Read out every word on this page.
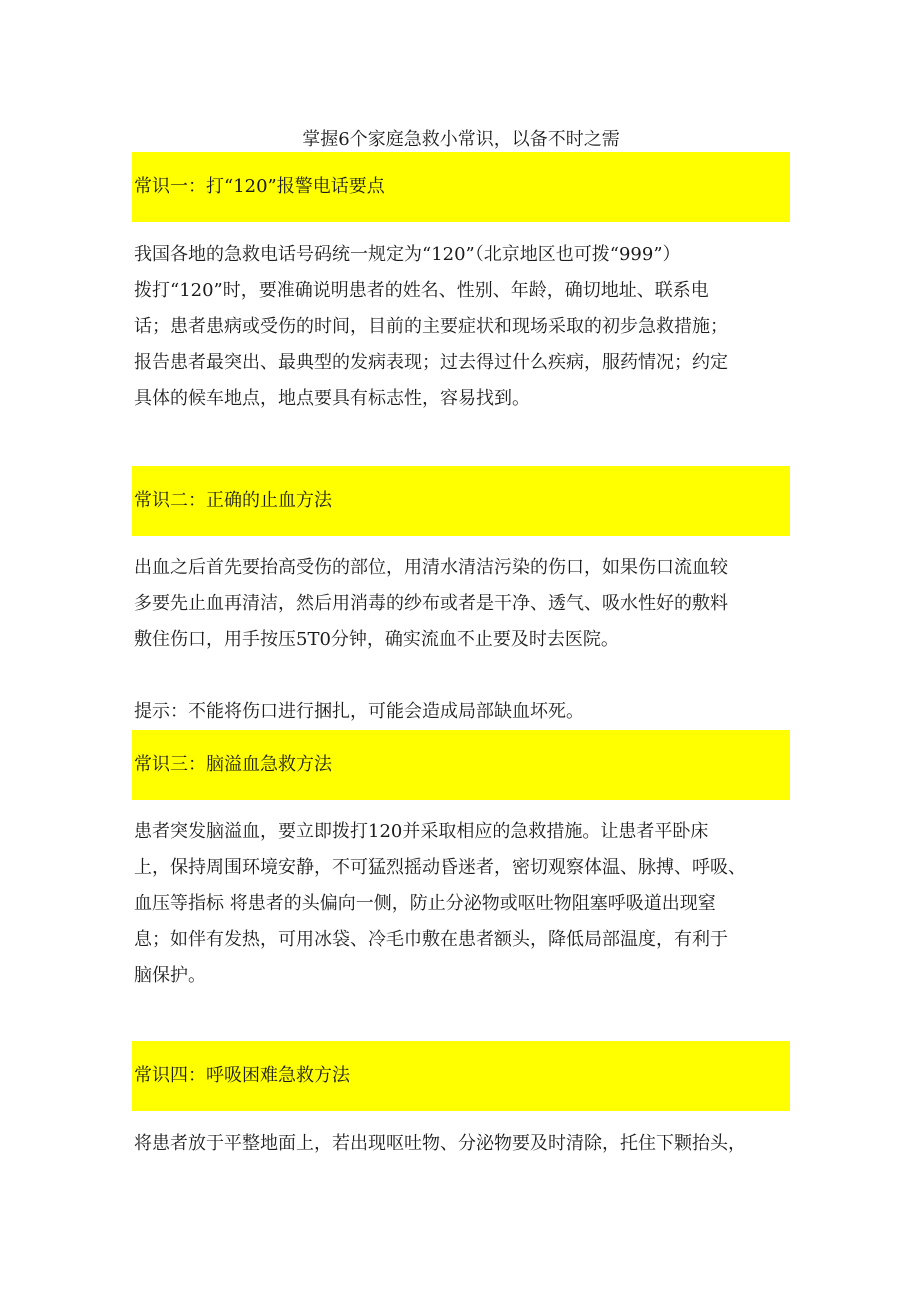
掌握6个家庭急救小常识，以备不时之需
常识一：打“120”报警电话要点
我国各地的急救电话号码统一规定为“120”（北京地区也可拨“999”）
拨打“120”时，要准确说明患者的姓名、性别、年龄，确切地址、联系电
话；患者患病或受伤的时间，目前的主要症状和现场采取的初步急救措施；
报告患者最突出、最典型的发病表现；过去得过什么疾病，服药情况；约定
具体的候车地点，地点要具有标志性，容易找到。
常识二：正确的止血方法
出血之后首先要抬高受伤的部位，用清水清洁污染的伤口，如果伤口流血较
多要先止血再清洁，然后用消毒的纱布或者是干净、透气、吸水性好的敷料
敷住伤口，用手按压5T0分钟，确实流血不止要及时去医院。
提示：不能将伤口进行捆扎，可能会造成局部缺血坏死。
常识三：脑溢血急救方法
患者突发脑溢血，要立即拨打120并采取相应的急救措施。让患者平卧床
上，保持周围环境安静，不可猛烈摇动昏迷者，密切观察体温、脉搏、呼吸、
血压等指标 将患者的头偏向一侧，防止分泌物或呕吐物阻塞呼吸道出现窒
息；如伴有发热，可用冰袋、冷毛巾敷在患者额头，降低局部温度，有利于
脑保护。
常识四：呼吸困难急救方法
将患者放于平整地面上，若出现呕吐物、分泌物要及时清除，托住下颗抬头，
